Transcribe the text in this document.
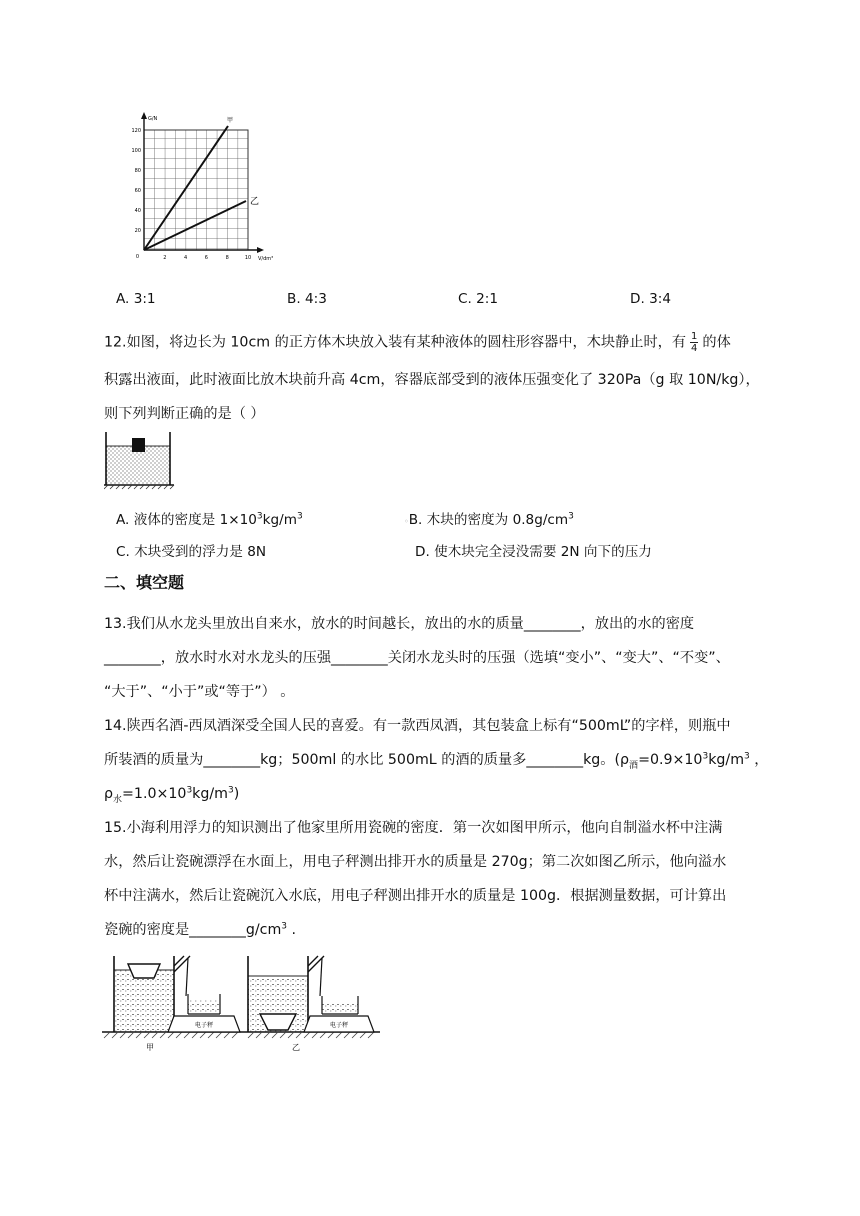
G/N
V/dm³
甲
乙
120
100
80
60
40
20
0	2	4	6	8	10
A. 3:1	B. 4:3	C. 2:1	D. 3:4
12.如图，将边长为 10cm 的正方体木块放入装有某种液体的圆柱形容器中，木块静止时，有 $\frac{1}{4}$ 的体
积露出液面，此时液面比放木块前升高 4cm，容器底部受到的液体压强变化了 320Pa（g 取 10N/kg），
则下列判断正确的是（ ）
A. 液体的密度是 $1\times 10^3kg/m^3$
◦B. 木块的密度为 $0.8g/cm^3$
C. 木块受到的浮力是 8N	D. 使木块完全浸没需要 2N 向下的压力
二、填空题
13.我们从水龙头里放出自来水，放水的时间越长，放出的水的质量________，放出的水的密度
________，放水时水对水龙头的压强________关闭水龙头时的压强（选填“变小”、“变大”、“不变”、
“大于”、“小于”或“等于”） 。
14.陕西名酒-西凤酒深受全国人民的喜爱。有一款西凤酒，其包装盒上标有“500mL”的字样，则瓶中
所装酒的质量为________kg；500ml 的水比 500mL 的酒的质量多________kg。($\rho_酒=0.9\times 10^3kg/m^3$ ，
$\rho_水=1.0\times 10^3kg/m^3$)
15.小海利用浮力的知识测出了他家里所用瓷碗的密度．第一次如图甲所示，他向自制溢水杯中注满
水，然后让瓷碗漂浮在水面上，用电子秤测出排开水的质量是 270g；第二次如图乙所示，他向溢水
杯中注满水，然后让瓷碗沉入水底，用电子秤测出排开水的质量是 100g．根据测量数据，可计算出
瓷碗的密度是$\_\_\_\_\_\_\_\_g/cm^3$ .
电子秤
甲
电子秤
乙
